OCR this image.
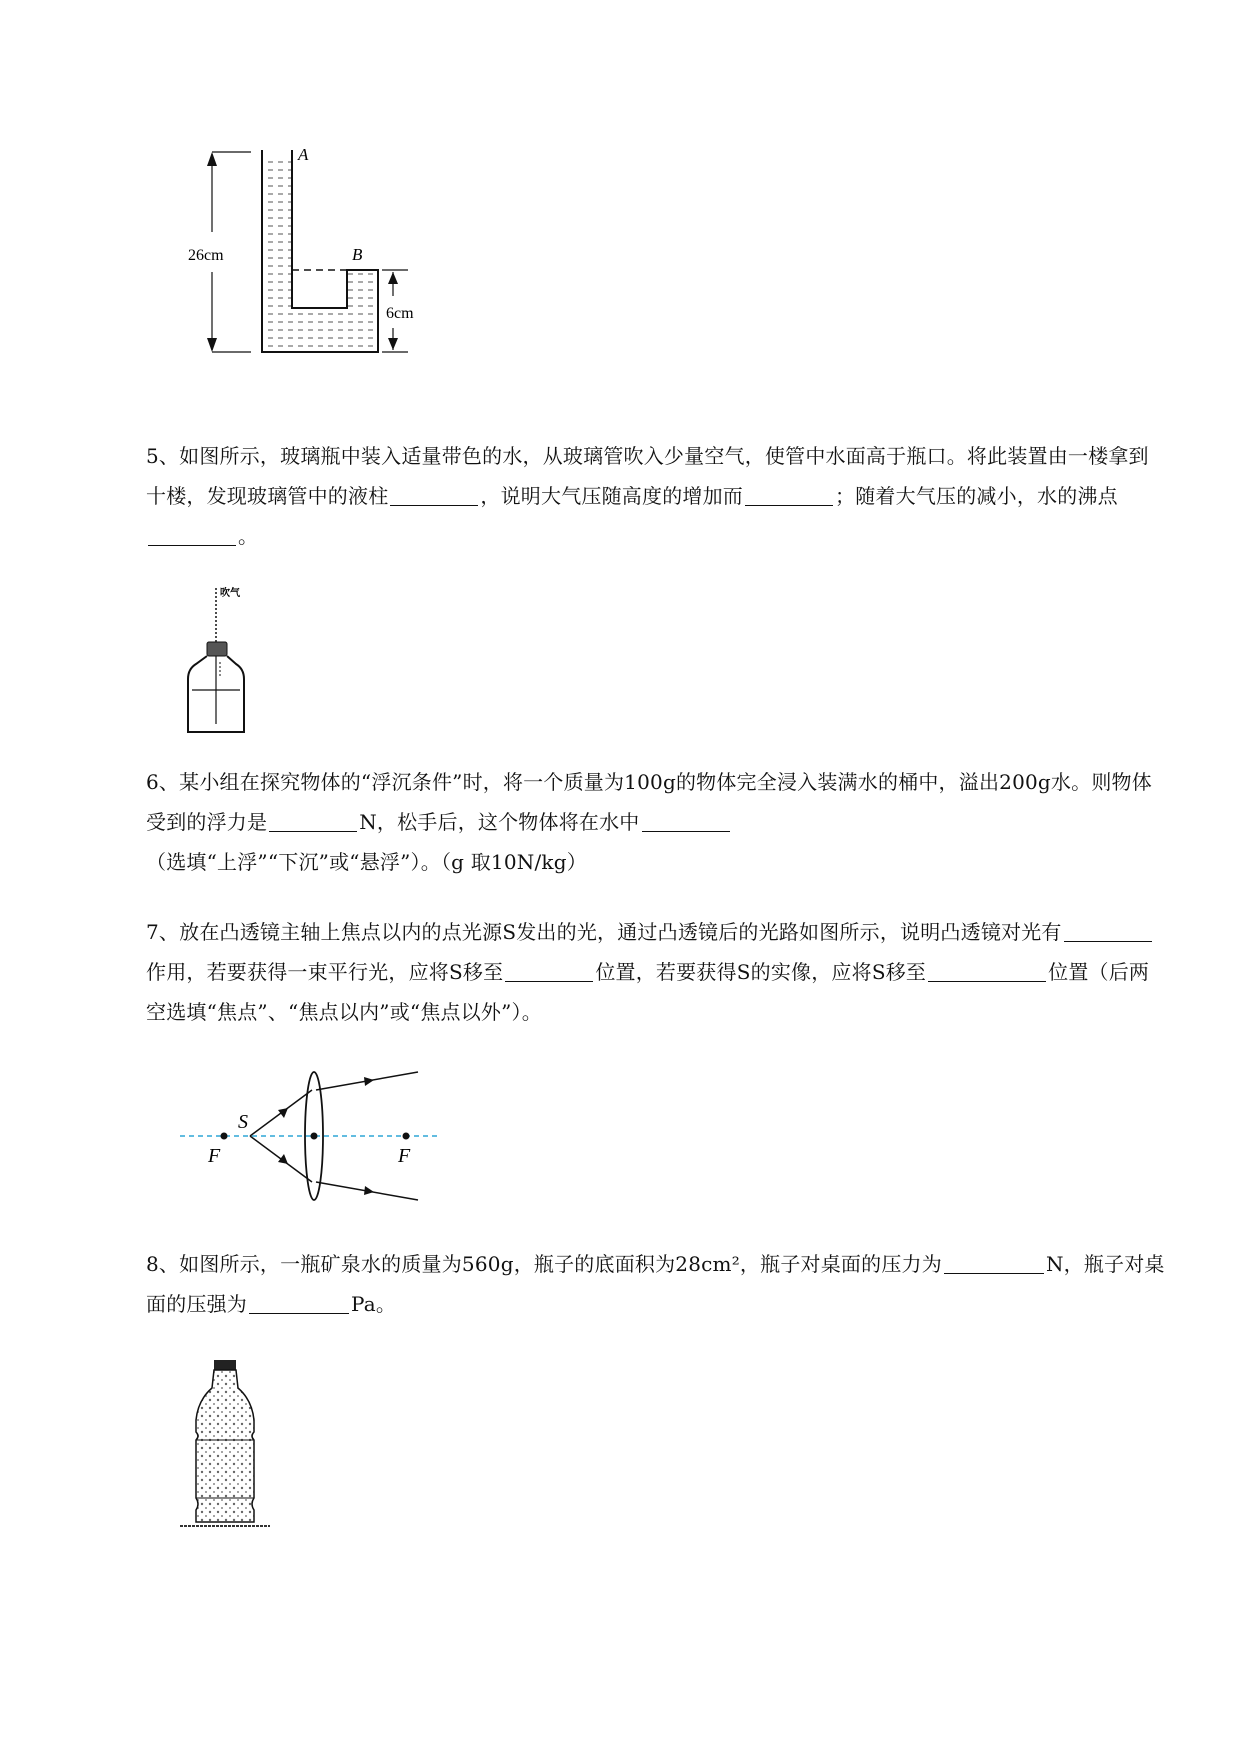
A
B
26cm
6cm
5、如图所示，玻璃瓶中装入适量带色的水，从玻璃管吹入少量空气，使管中水面高于瓶口。将此装置由一楼拿到十楼，发现玻璃管中的液柱	，说明大气压随高度的增加而	；随着大气压的减小，水的沸点。
吹气
6、某小组在探究物体的“浮沉条件”时，将一个质量为100g的物体完全浸入装满水的桶中，溢出200g水。则物体受到的浮力是	N，松手后，这个物体将在水中（选填“上浮”“下沉”或“悬浮”）。（g 取10N/kg）
7、放在凸透镜主轴上焦点以内的点光源S发出的光，通过凸透镜后的光路如图所示，说明凸透镜对光有作用，若要获得一束平行光，应将S移至	位置，若要获得S的实像，应将S移至	位置（后两空选填“焦点”、“焦点以内”或“焦点以外”）。
S
F	F
8、如图所示，一瓶矿泉水的质量为560g，瓶子的底面积为28cm²，瓶子对桌面的压力为	N，瓶子对桌面的压强为	Pa。
